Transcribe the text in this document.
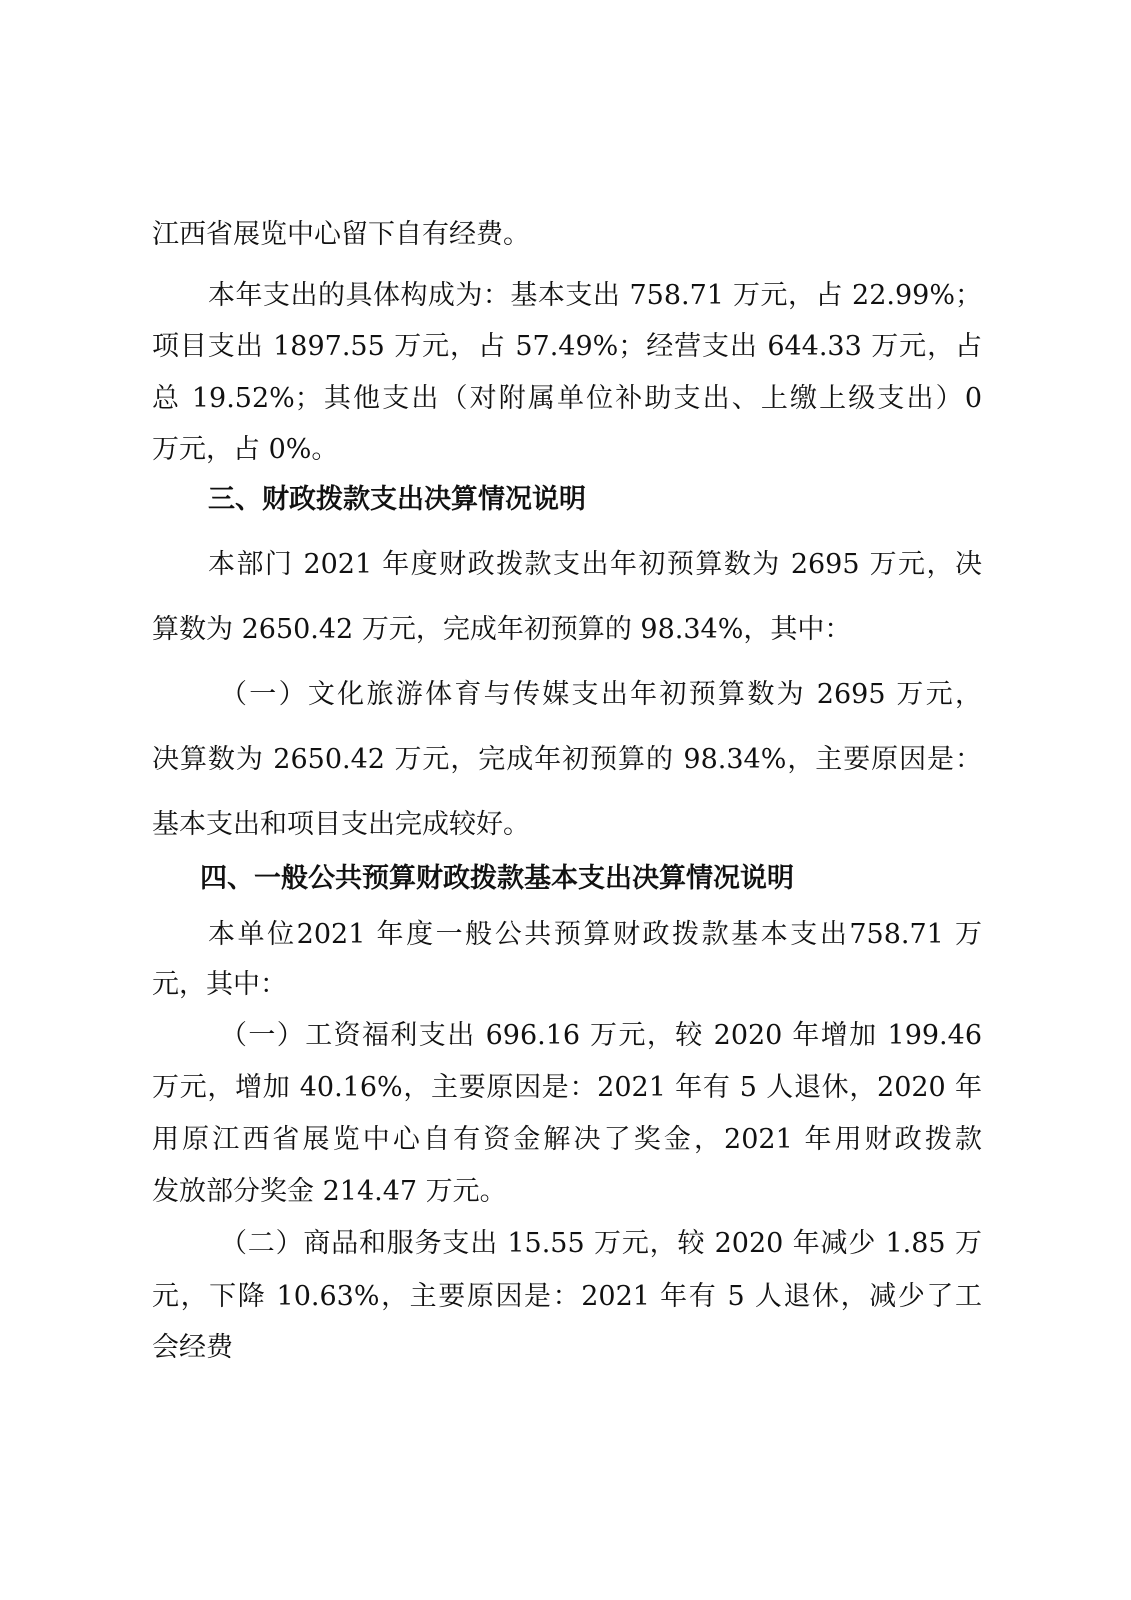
江西省展览中心留下自有经费。
本年支出的具体构成为：基本支出 758.71 万元，占 22.99%；
项目支出 1897.55 万元，占 57.49%；经营支出 644.33 万元，占
总 19.52%；其他支出（对附属单位补助支出、上缴上级支出）0
万元，占 0%。
三、财政拨款支出决算情况说明
本部门 2021 年度财政拨款支出年初预算数为 2695 万元，决
算数为 2650.42 万元，完成年初预算的 98.34%，其中：
（一）文化旅游体育与传媒支出年初预算数为 2695 万元，
决算数为 2650.42 万元，完成年初预算的 98.34%，主要原因是：
基本支出和项目支出完成较好。
四、一般公共预算财政拨款基本支出决算情况说明
本单位2021 年度一般公共预算财政拨款基本支出758.71 万
元，其中：
（一）工资福利支出 696.16 万元，较 2020 年增加 199.46
万元，增加 40.16%，主要原因是：2021 年有 5 人退休，2020 年
用原江西省展览中心自有资金解决了奖金，2021 年用财政拨款
发放部分奖金 214.47 万元。
（二）商品和服务支出 15.55 万元，较 2020 年减少 1.85 万
元，下降 10.63%，主要原因是：2021 年有 5 人退休，减少了工
会经费
